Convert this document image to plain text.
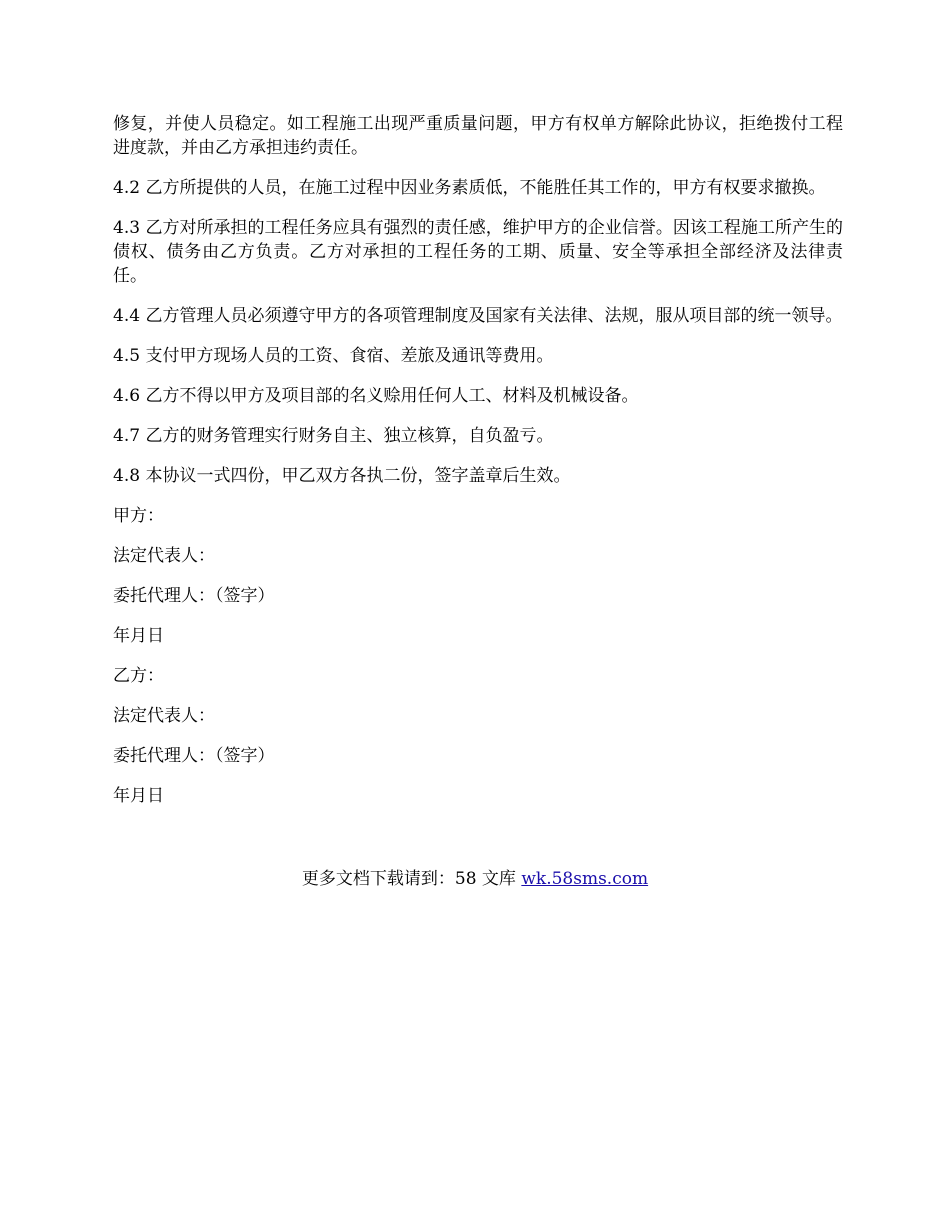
修复，并使人员稳定。如工程施工出现严重质量问题，甲方有权单方解除此协议，拒绝拨付工程进度款，并由乙方承担违约责任。

4.2 乙方所提供的人员，在施工过程中因业务素质低，不能胜任其工作的，甲方有权要求撤换。

4.3 乙方对所承担的工程任务应具有强烈的责任感，维护甲方的企业信誉。因该工程施工所产生的债权、债务由乙方负责。乙方对承担的工程任务的工期、质量、安全等承担全部经济及法律责任。

4.4 乙方管理人员必须遵守甲方的各项管理制度及国家有关法律、法规，服从项目部的统一领导。

4.5 支付甲方现场人员的工资、食宿、差旅及通讯等费用。

4.6 乙方不得以甲方及项目部的名义赊用任何人工、材料及机械设备。

4.7 乙方的财务管理实行财务自主、独立核算，自负盈亏。

4.8 本协议一式四份，甲乙双方各执二份，签字盖章后生效。

甲方：

法定代表人：

委托代理人：（签字）

年月日

乙方：

法定代表人：

委托代理人：（签字）

年月日

更多文档下载请到：58 文库 wk.58sms.com
